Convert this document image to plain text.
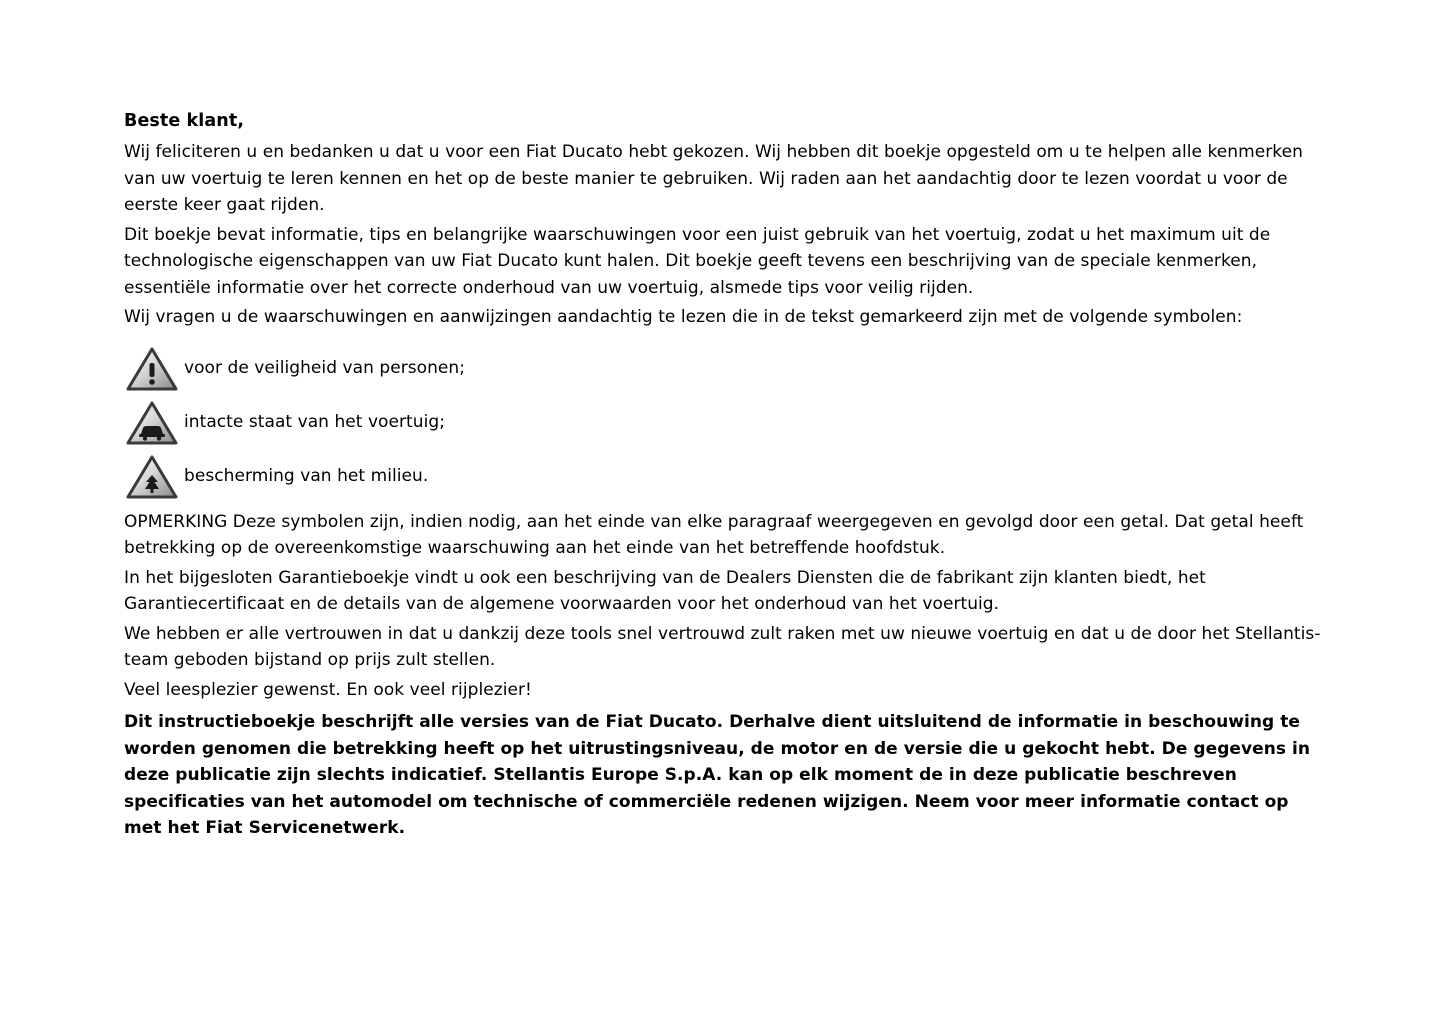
Beste klant,

Wij feliciteren u en bedanken u dat u voor een Fiat Ducato hebt gekozen. Wij hebben dit boekje opgesteld om u te helpen alle kenmerken van uw voertuig te leren kennen en het op de beste manier te gebruiken. Wij raden aan het aandachtig door te lezen voordat u voor de eerste keer gaat rijden.

Dit boekje bevat informatie, tips en belangrijke waarschuwingen voor een juist gebruik van het voertuig, zodat u het maximum uit de technologische eigenschappen van uw Fiat Ducato kunt halen. Dit boekje geeft tevens een beschrijving van de speciale kenmerken, essentiële informatie over het correcte onderhoud van uw voertuig, alsmede tips voor veilig rijden.

Wij vragen u de waarschuwingen en aanwijzingen aandachtig te lezen die in de tekst gemarkeerd zijn met de volgende symbolen:

voor de veiligheid van personen;
intacte staat van het voertuig;
bescherming van het milieu.

OPMERKING Deze symbolen zijn, indien nodig, aan het einde van elke paragraaf weergegeven en gevolgd door een getal. Dat getal heeft betrekking op de overeenkomstige waarschuwing aan het einde van het betreffende hoofdstuk.

In het bijgesloten Garantieboekje vindt u ook een beschrijving van de Dealers Diensten die de fabrikant zijn klanten biedt, het Garantiecertificaat en de details van de algemene voorwaarden voor het onderhoud van het voertuig.

We hebben er alle vertrouwen in dat u dankzij deze tools snel vertrouwd zult raken met uw nieuwe voertuig en dat u de door het Stellantis-team geboden bijstand op prijs zult stellen.

Veel leesplezier gewenst. En ook veel rijplezier!

Dit instructieboekje beschrijft alle versies van de Fiat Ducato. Derhalve dient uitsluitend de informatie in beschouwing te worden genomen die betrekking heeft op het uitrustingsniveau, de motor en de versie die u gekocht hebt. De gegevens in deze publicatie zijn slechts indicatief. Stellantis Europe S.p.A. kan op elk moment de in deze publicatie beschreven specificaties van het automodel om technische of commerciële redenen wijzigen. Neem voor meer informatie contact op met het Fiat Servicenetwerk.
